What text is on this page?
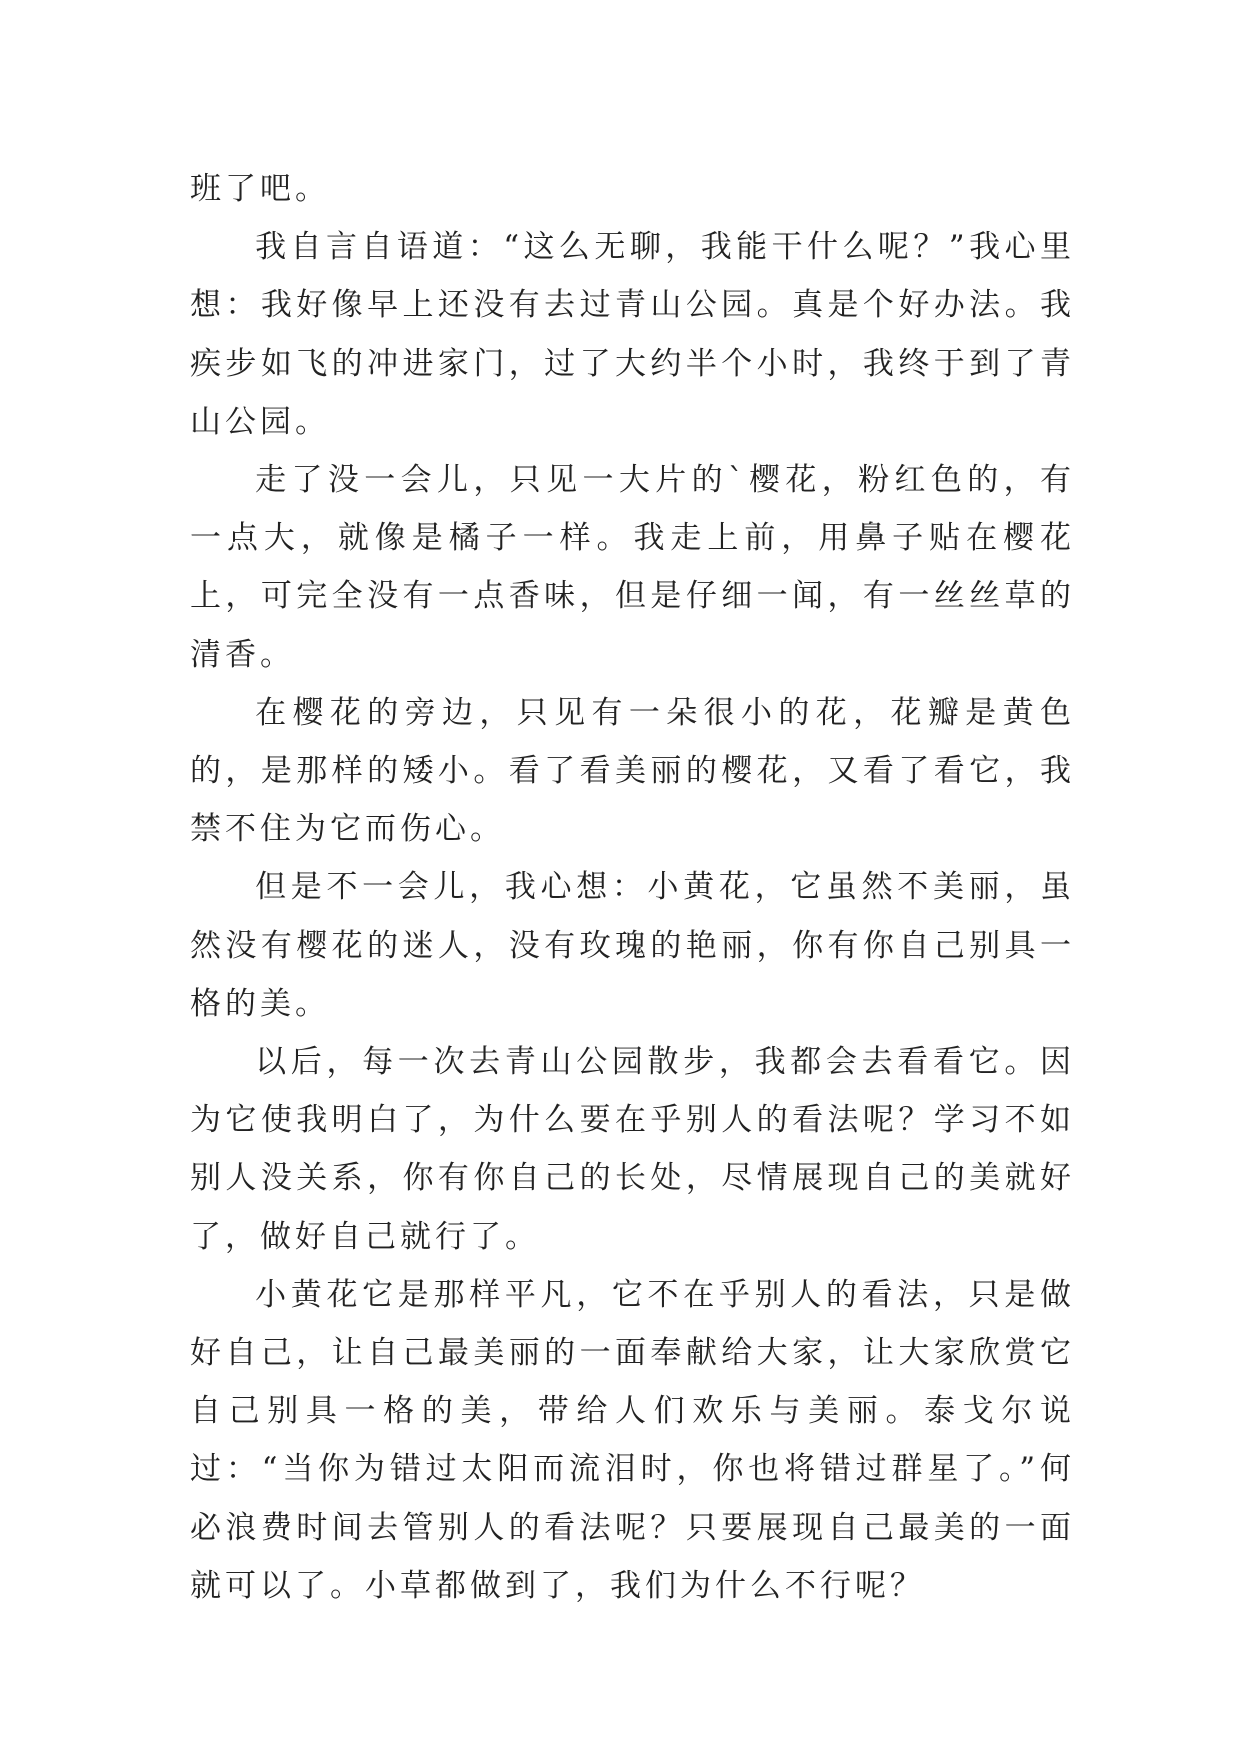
班了吧。

我自言自语道：“这么无聊，我能干什么呢？”我心里想：我好像早上还没有去过青山公园。真是个好办法。我疾步如飞的冲进家门，过了大约半个小时，我终于到了青山公园。

走了没一会儿，只见一大片的`樱花，粉红色的，有一点大，就像是橘子一样。我走上前，用鼻子贴在樱花上，可完全没有一点香味，但是仔细一闻，有一丝丝草的清香。

在樱花的旁边，只见有一朵很小的花，花瓣是黄色的，是那样的矮小。看了看美丽的樱花，又看了看它，我禁不住为它而伤心。

但是不一会儿，我心想：小黄花，它虽然不美丽，虽然没有樱花的迷人，没有玫瑰的艳丽，你有你自己别具一格的美。

以后，每一次去青山公园散步，我都会去看看它。因为它使我明白了，为什么要在乎别人的看法呢？学习不如别人没关系，你有你自己的长处，尽情展现自己的美就好了，做好自己就行了。

小黄花它是那样平凡，它不在乎别人的看法，只是做好自己，让自己最美丽的一面奉献给大家，让大家欣赏它自己别具一格的美，带给人们欢乐与美丽。泰戈尔说过：“当你为错过太阳而流泪时，你也将错过群星了。”何必浪费时间去管别人的看法呢？只要展现自己最美的一面就可以了。小草都做到了，我们为什么不行呢？
